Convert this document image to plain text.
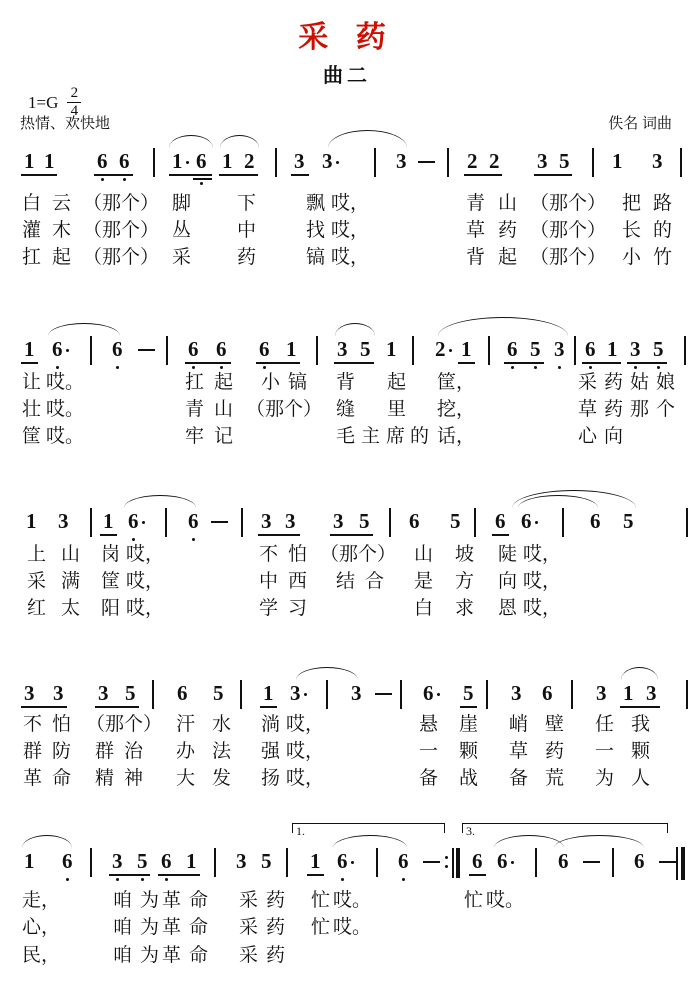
采 药
曲二
$1=G \frac{2}{4}$
热情、欢快地	佚名 词曲
1 1 6 6 1 6 1 2 3 3	3	2 2 3 5 1 3
白 云 （那个） 脚 下	飘 哎，	青 山 （那个） 把 路
灌 木 （那个） 丛 中	找 哎，	草 药 （那个） 长 的
扛 起 （那个） 采 药	镐 哎，	背 起 （那个） 小 竹
1 6 6	6 6 6 1 3 5 1 2 1 6 5 3 6 1 3 5
让 哎。	扛 起 小 镐 背 起 筐，	采 药 姑 娘
壮 哎。	青 山 （那个） 缝 里 挖，	草 药 那 个
筐 哎。	牢 记	毛 主 席 的 话，	心 向
1 3 1 6 6	3 3 3 5 6 5 6 6	6 5
上 山 岗 哎，	不 怕 （那个） 山 坡 陡 哎，
采 满 筐 哎，	中 西 结 合 是 方 向 哎，
红 太 阳 哎，	学 习	白 求 恩 哎，
3 3 3 5 6 5 1 3 3	6 5 3 6 3 1 3
不 怕 （那个） 汗 水 淌 哎，	悬 崖 峭 壁 任 我
群 防 群 治 办 法 强 哎，	一 颗 草 药 一 颗
革 命 精 神 大 发 扬 哎，	备 战 备 荒 为 人
1 6 3 5 6 1 3 5 1 6 6	6 6 6	6
1.	3.
走，	咱 为 革 命 采 药 忙 哎。	忙 哎。
心，	咱 为 革 命 采 药 忙 哎。
民，	咱 为 革 命 采 药
